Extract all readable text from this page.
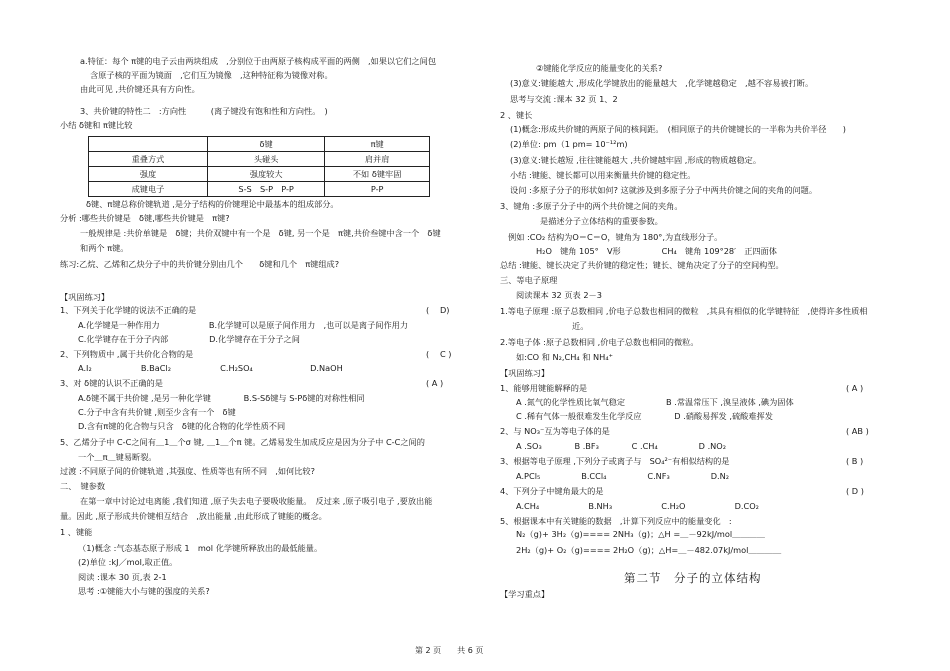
a.特征：每个 π键的电子云由两块组成　,分别位于由两原子核构成平面的两侧　,如果以它们之间包
含原子核的平面为镜面　,它们互为镜像　,这种特征称为镜像对称。
由此可见 ,共价键还具有方向性。
3、共价键的特性二　:方向性　　　(离子键没有饱和性和方向性。　)
小结 δ键和 π键比较
δ键、π键总称价键轨道 ,是分子结构的价键理论中最基本的组成部分。
分析 :哪些共价键是　δ键,哪些共价键是　π键?
一般规律是 :共价单键是　δ键；共价双键中有一个是　δ键, 另一个是　π键,共价叁键中含一个　δ键
和两个 π键。
练习:乙烷、乙烯和乙炔分子中的共价键分别由几个　　δ键和几个　π键组成?
【巩固练习】
1、下列关于化学键的说法不正确的是
A.化学键是一种作用力　　　　　　B.化学键可以是原子间作用力　,也可以是离子间作用力
C.化学键存在于分子内部　　　　　D.化学键存在于分子之间
2、下列物质中 ,属于共价化合物的是
A.I₂　　　　　　B.BaCl₂　　　　　　C.H₂SO₄　　　　　　　D.NaOH
3、对 δ键的认识不正确的是
A.δ键不属于共价键 ,是另一种化学键　　　　B.S-Sδ键与 S-Pδ键的对称性相同
C.分子中含有共价键 ,则至少含有一个　δ键
D.含有π键的化合物与只含　δ键的化合物的化学性质不同
5、乙烯分子中 C-C之间有＿1＿个σ 键, ＿1＿个π 键。乙烯易发生加成反应是因为分子中 C-C之间的
一个＿π＿键易断裂。
过渡 :不同原子间的价键轨道 ,其强度、性质等也有所不同　,如何比较?
二、　键参数
在第一章中讨论过电离能 ,我们知道 ,原子失去电子要吸收能量。　反过来 ,原子吸引电子 ,要放出能
量。因此 ,原子形成共价键相互结合　,放出能量 ,由此形成了键能的概念。
1 、键能
（1)概念 :气态基态原子形成 1　mol 化学键所释放出的最低能量。
(2)单位 :kJ／mol,取正值。
阅读 :课本 30 页,表 2-1
思考 :①键能大小与键的强度的关系?
(　 D)
(　 C )
( A )
	δ键	π键
重叠方式	头碰头	肩并肩
强度	强度较大	不如 δ键牢固
成键电子	S-S　S-P　P-P	P-P
②键能化学反应的能量变化的关系?
(3)意义:键能越大 ,形成化学键放出的能量越大　,化学键越稳定　,越不容易被打断。
思考与交流 :课本 32 页 1、2
2 、键长
(1)概念:形成共价键的两原子间的核间距。　(相同原子的共价键键长的一半称为共价半径　　)
(2)单位: pm（1 pm= 10⁻¹²m)
(3)意义:键长越短 ,往往键能越大 ,共价键越牢固 ,形成的物质越稳定。
小结 :键能、键长都可以用来衡量共价键的稳定性。
设问 :多原子分子的形状如何? 这就涉及到多原子分子中两共价键之间的夹角的问题。
3、键角 :多原子分子中的两个共价键之间的夹角。
是描述分子立体结构的重要参数。
例如 :CO₂ 结构为O＝C＝O，键角为 180°,为直线形分子。
H₂O　键角 105°　V形　　　　　CH₄　键角 109°28′　正四面体
总结 :键能、键长决定了共价键的稳定性；键长、键角决定了分子的空间构型。
三、等电子原理
阅读课本 32 页表 2－3
1.等电子原理 :原子总数相同 ,价电子总数也相同的微粒　,其具有相似的化学键特征　,使得许多性质相
近。
2.等电子体 :原子总数相同 ,价电子总数也相同的微粒。
如:CO 和 N₂,CH₄ 和 NH₄⁺
【巩固练习】
1、能够用键能解释的是
A .氮气的化学性质比氧气稳定　　　　　B .常温常压下 ,溴呈液体 ,碘为固体
C .稀有气体一般很难发生化学反应　　　　D .硝酸易挥发 ,硫酸难挥发
2、与 NO₃⁻互为等电子体的是
A .SO₃　　　　B .BF₃　　　　C .CH₄　　　　　D .NO₂
3、根据等电子原理 ,下列分子或离子与　SO₄²⁻有相似结构的是
A.PCl₅　　　　　B.CCl₄　　　　　C.NF₃　　　　　D.N₂
4、下列分子中键角最大的是
A.CH₄　　　　　　B.NH₃　　　　　　C.H₂O　　　　　　D.CO₂
5、根据课本中有关键能的数据　,计算下列反应中的能量变化　:
N₂（g)+ 3H₂（g)==== 2NH₃（g)；△H =＿－92kJ/mol＿＿＿＿
2H₂（g)+ O₂（g)==== 2H₂O（g)；△H=＿－482.07kJ/mol＿＿＿＿
【学习重点】
( A )
( AB )
( B )
( D )
第二节　分子的立体结构
第 2 页　　共 6 页
